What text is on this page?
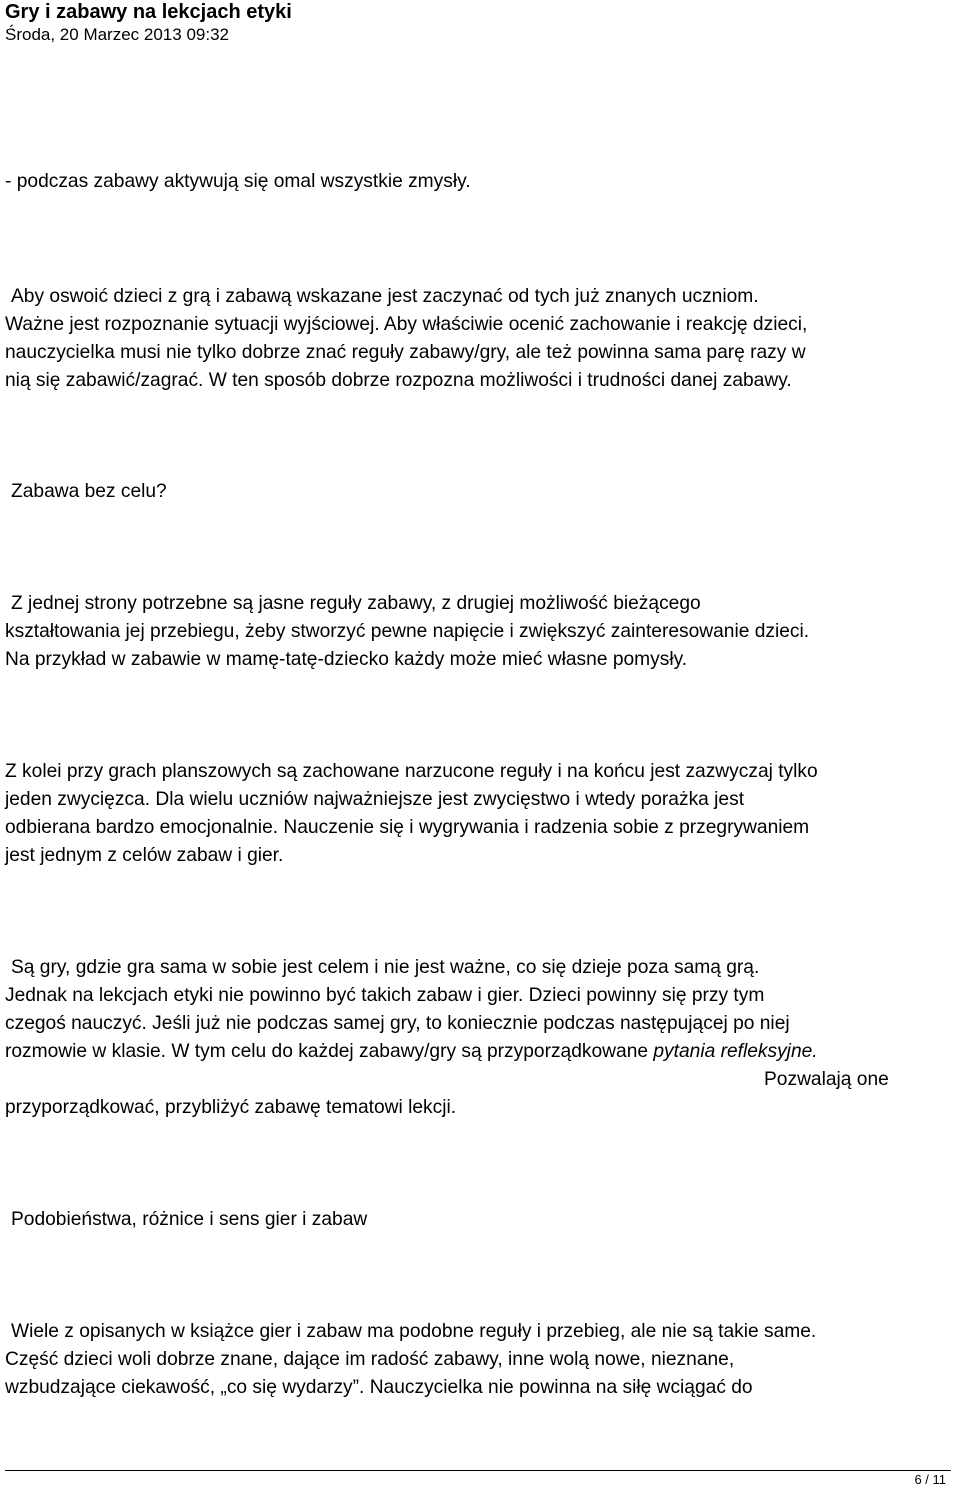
Gry i zabawy na lekcjach etyki
Środa, 20 Marzec 2013 09:32
- podczas zabawy aktywują się omal wszystkie zmysły.
Aby oswoić dzieci z grą i zabawą wskazane jest zaczynać od tych już znanych uczniom.
Ważne jest rozpoznanie sytuacji wyjściowej. Aby właściwie ocenić zachowanie i reakcję dzieci,
nauczycielka musi nie tylko dobrze znać reguły zabawy/gry, ale też powinna sama parę razy w
nią się zabawić/zagrać. W ten sposób dobrze rozpozna możliwości i trudności danej zabawy.
Zabawa bez celu?
Z jednej strony potrzebne są jasne reguły zabawy, z drugiej możliwość bieżącego
kształtowania jej przebiegu, żeby stworzyć pewne napięcie i zwiększyć zainteresowanie dzieci.
Na przykład w zabawie w mamę-tatę-dziecko każdy może mieć własne pomysły.
Z kolei przy grach planszowych są zachowane narzucone reguły i na końcu jest zazwyczaj tylko
jeden zwycięzca. Dla wielu uczniów najważniejsze jest zwycięstwo i wtedy porażka jest
odbierana bardzo emocjonalnie. Nauczenie się i wygrywania i radzenia sobie z przegrywaniem
jest jednym z celów zabaw i gier.
Są gry, gdzie gra sama w sobie jest celem i nie jest ważne, co się dzieje poza samą grą.
Jednak na lekcjach etyki nie powinno być takich zabaw i gier. Dzieci powinny się przy tym
czegoś nauczyć. Jeśli już nie podczas samej gry, to koniecznie podczas następującej po niej
rozmowie w klasie. W tym celu do każdej zabawy/gry są przyporządkowane pytania refleksyjne.
Pozwalają one
przyporządkować, przybliżyć zabawę tematowi lekcji.
Podobieństwa, różnice i sens gier i zabaw
Wiele z opisanych w książce gier i zabaw ma podobne reguły i przebieg, ale nie są takie same.
Część dzieci woli dobrze znane, dające im radość zabawy, inne wolą nowe, nieznane,
wzbudzające ciekawość, „co się wydarzy”. Nauczycielka nie powinna na siłę wciągać do
6 / 11
